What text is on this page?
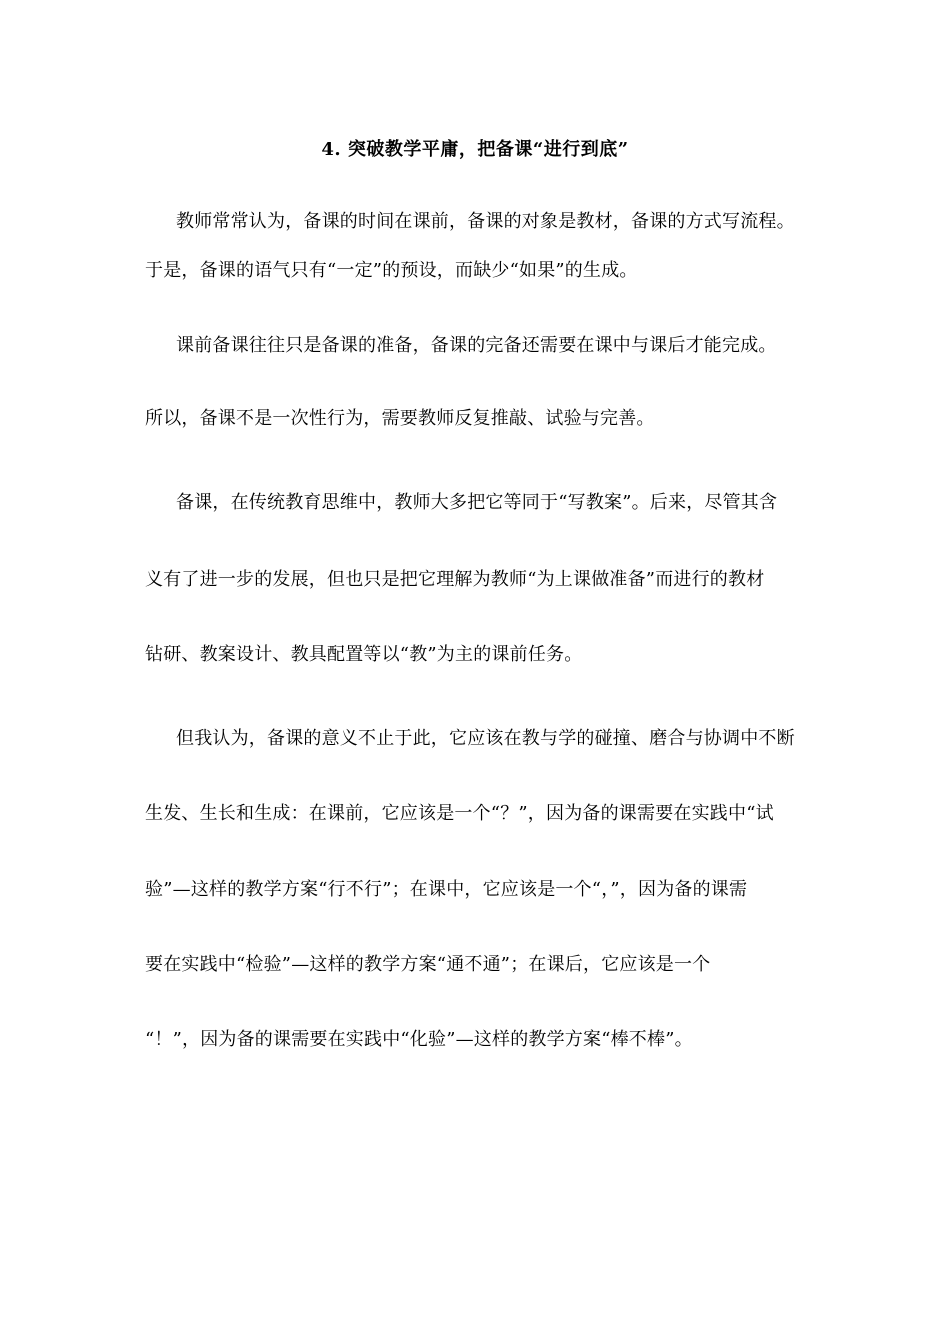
4. 突破教学平庸，把备课“进行到底”
教师常常认为，备课的时间在课前，备课的对象是教材，备课的方式写流程。
于是，备课的语气只有“一定”的预设，而缺少“如果”的生成。
课前备课往往只是备课的准备，备课的完备还需要在课中与课后才能完成。
所以，备课不是一次性行为，需要教师反复推敲、试验与完善。
备课，在传统教育思维中，教师大多把它等同于“写教案”。后来，尽管其含
义有了进一步的发展，但也只是把它理解为教师“为上课做准备”而进行的教材
钻研、教案设计、教具配置等以“教”为主的课前任务。
但我认为，备课的意义不止于此，它应该在教与学的碰撞、磨合与协调中不断
生发、生长和生成：在课前，它应该是一个“？”，因为备的课需要在实践中“试
验”—这样的教学方案“行不行”；在课中，它应该是一个“，”，因为备的课需
要在实践中“检验”—这样的教学方案“通不通”；在课后，它应该是一个
“！”，因为备的课需要在实践中“化验”—这样的教学方案“棒不棒”。
